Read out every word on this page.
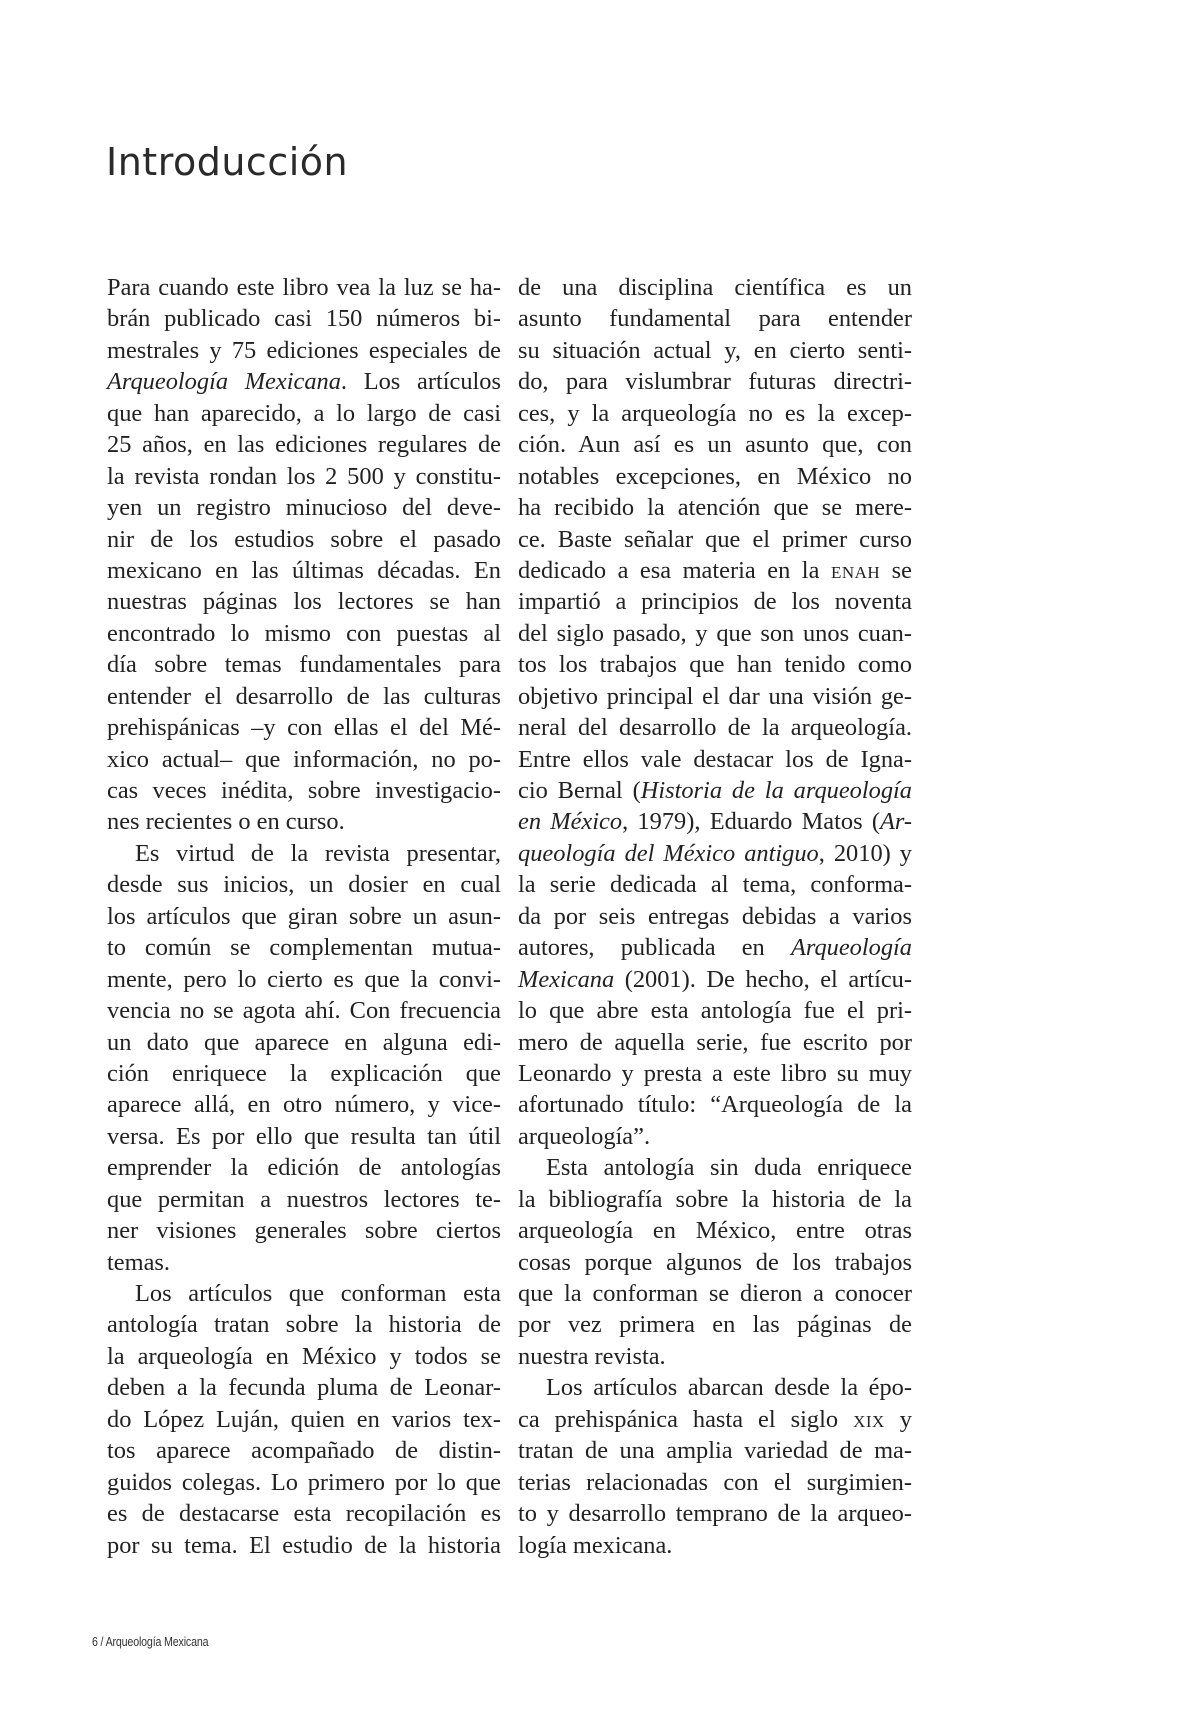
Introducción
Para cuando este libro vea la luz se ha-
brán publicado casi 150 números bi-
mestrales y 75 ediciones especiales de
Arqueología Mexicana. Los artículos
que han aparecido, a lo largo de casi
25 años, en las ediciones regulares de
la revista rondan los 2 500 y constitu-
yen un registro minucioso del deve-
nir de los estudios sobre el pasado
mexicano en las últimas décadas. En
nuestras páginas los lectores se han
encontrado lo mismo con puestas al
día sobre temas fundamentales para
entender el desarrollo de las culturas
prehispánicas –y con ellas el del Mé-
xico actual– que información, no po-
cas veces inédita, sobre investigacio-
nes recientes o en curso.
Es virtud de la revista presentar,
desde sus inicios, un dosier en cual
los artículos que giran sobre un asun-
to común se complementan mutua-
mente, pero lo cierto es que la convi-
vencia no se agota ahí. Con frecuencia
un dato que aparece en alguna edi-
ción enriquece la explicación que
aparece allá, en otro número, y vice-
versa. Es por ello que resulta tan útil
emprender la edición de antologías
que permitan a nuestros lectores te-
ner visiones generales sobre ciertos
temas.
Los artículos que conforman esta
antología tratan sobre la historia de
la arqueología en México y todos se
deben a la fecunda pluma de Leonar-
do López Luján, quien en varios tex-
tos aparece acompañado de distin-
guidos colegas. Lo primero por lo que
es de destacarse esta recopilación es
por su tema. El estudio de la historia
de una disciplina científica es un
asunto fundamental para entender
su situación actual y, en cierto senti-
do, para vislumbrar futuras directri-
ces, y la arqueología no es la excep-
ción. Aun así es un asunto que, con
notables excepciones, en México no
ha recibido la atención que se mere-
ce. Baste señalar que el primer curso
dedicado a esa materia en la enah se
impartió a principios de los noventa
del siglo pasado, y que son unos cuan-
tos los trabajos que han tenido como
objetivo principal el dar una visión ge-
neral del desarrollo de la arqueología.
Entre ellos vale destacar los de Igna-
cio Bernal (Historia de la arqueología
en México, 1979), Eduardo Matos (Ar-
queología del México antiguo, 2010) y
la serie dedicada al tema, conforma-
da por seis entregas debidas a varios
autores, publicada en Arqueología
Mexicana (2001). De hecho, el artícu-
lo que abre esta antología fue el pri-
mero de aquella serie, fue escrito por
Leonardo y presta a este libro su muy
afortunado título: “Arqueología de la
arqueología”.
Esta antología sin duda enriquece
la bibliografía sobre la historia de la
arqueología en México, entre otras
cosas porque algunos de los trabajos
que la conforman se dieron a conocer
por vez primera en las páginas de
nuestra revista.
Los artículos abarcan desde la épo-
ca prehispánica hasta el siglo xix y
tratan de una amplia variedad de ma-
terias relacionadas con el surgimien-
to y desarrollo temprano de la arqueo-
logía mexicana.
6 / Arqueología Mexicana
